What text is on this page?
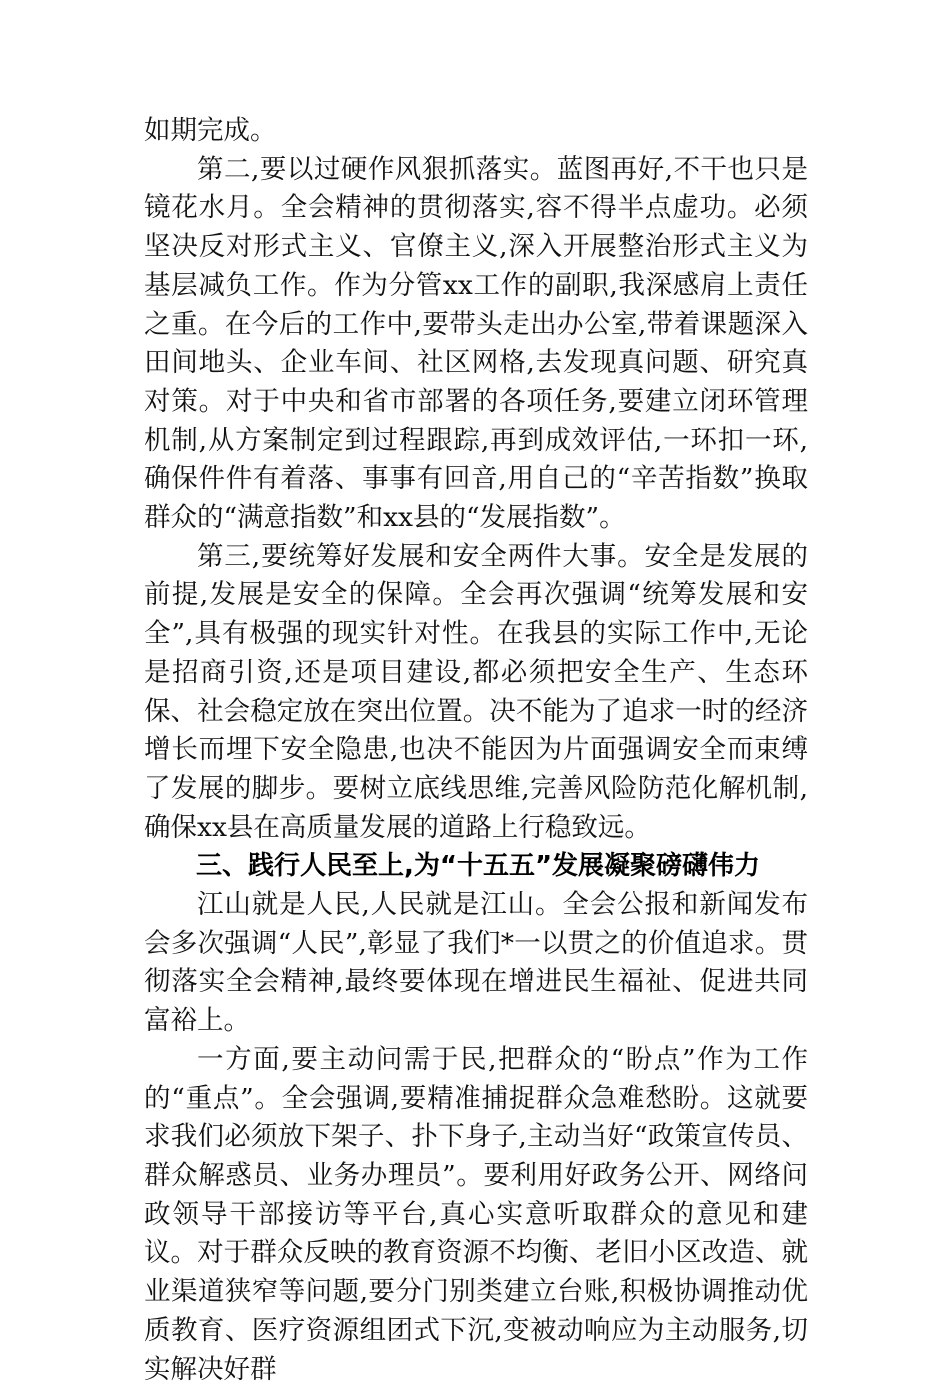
如期完成。

第二,要以过硬作风狠抓落实。蓝图再好,不干也只是镜花水月。全会精神的贯彻落实,容不得半点虚功。必须坚决反对形式主义、官僚主义,深入开展整治形式主义为基层减负工作。作为分管xx工作的副职,我深感肩上责任之重。在今后的工作中,要带头走出办公室,带着课题深入田间地头、企业车间、社区网格,去发现真问题、研究真对策。对于中央和省市部署的各项任务,要建立闭环管理机制,从方案制定到过程跟踪,再到成效评估,一环扣一环,确保件件有着落、事事有回音,用自己的“辛苦指数”换取群众的“满意指数”和xx县的“发展指数”。

第三,要统筹好发展和安全两件大事。安全是发展的前提,发展是安全的保障。全会再次强调“统筹发展和安全”,具有极强的现实针对性。在我县的实际工作中,无论是招商引资,还是项目建设,都必须把安全生产、生态环保、社会稳定放在突出位置。决不能为了追求一时的经济增长而埋下安全隐患,也决不能因为片面强调安全而束缚了发展的脚步。要树立底线思维,完善风险防范化解机制,确保xx县在高质量发展的道路上行稳致远。

三、践行人民至上,为“十五五”发展凝聚磅礴伟力

江山就是人民,人民就是江山。全会公报和新闻发布会多次强调“人民”,彰显了我们*一以贯之的价值追求。贯彻落实全会精神,最终要体现在增进民生福祉、促进共同富裕上。

一方面,要主动问需于民,把群众的“盼点”作为工作的“重点”。全会强调,要精准捕捉群众急难愁盼。这就要求我们必须放下架子、扑下身子,主动当好“政策宣传员、群众解惑员、业务办理员”。要利用好政务公开、网络问政领导干部接访等平台,真心实意听取群众的意见和建议。对于群众反映的教育资源不均衡、老旧小区改造、就业渠道狭窄等问题,要分门别类建立台账,积极协调推动优质教育、医疗资源组团式下沉,变被动响应为主动服务,切实解决好群
